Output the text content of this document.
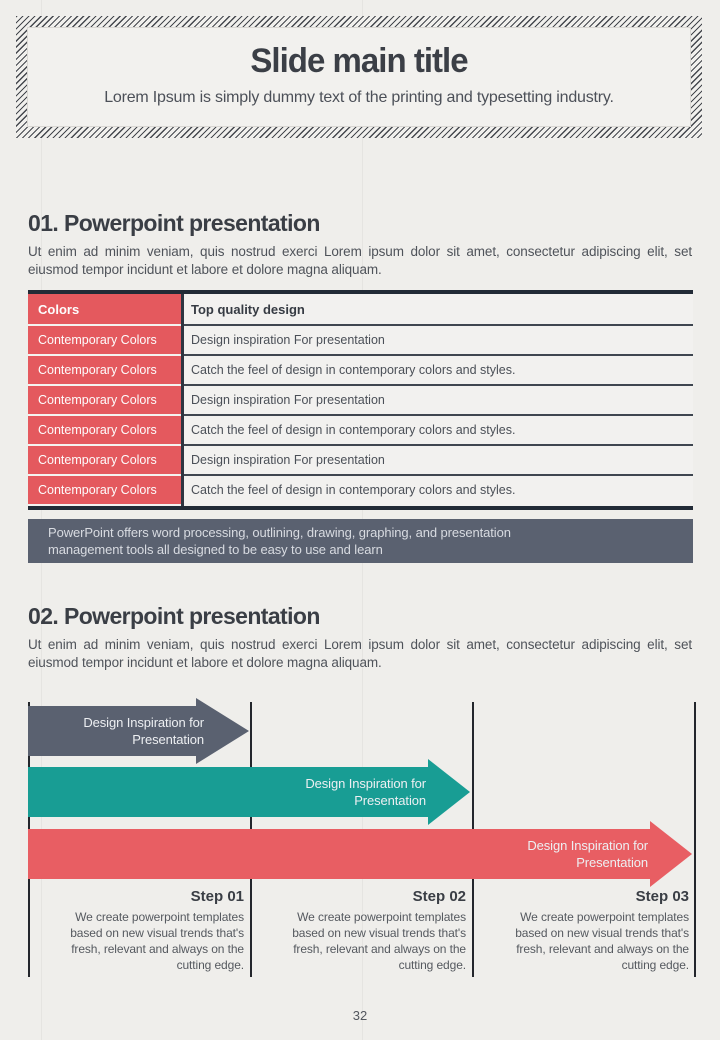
Slide main title
Lorem Ipsum is simply dummy text of the printing and typesetting industry.
01. Powerpoint presentation
Ut enim ad minim veniam, quis nostrud exerci Lorem ipsum dolor sit amet, consectetur adipiscing elit, set eiusmod tempor incidunt et labore et dolore magna aliquam.
Colors	Top quality design
Contemporary Colors	Design inspiration For presentation
Contemporary Colors	Catch the feel of design in contemporary colors and styles.
Contemporary Colors	Design inspiration For presentation
Contemporary Colors	Catch the feel of design in contemporary colors and styles.
Contemporary Colors	Design inspiration For presentation
Contemporary Colors	Catch the feel of design in contemporary colors and styles.
PowerPoint offers word processing, outlining, drawing, graphing, and presentation
management tools all designed to be easy to use and learn
02. Powerpoint presentation
Ut enim ad minim veniam, quis nostrud exerci Lorem ipsum dolor sit amet, consectetur adipiscing elit, set eiusmod tempor incidunt et labore et dolore magna aliquam.
Design Inspiration for
Presentation
Design Inspiration for
Presentation
Design Inspiration for
Presentation
Step 01
We create powerpoint templates based on new visual trends that's fresh, relevant and always on the cutting edge.
Step 02
We create powerpoint templates based on new visual trends that's fresh, relevant and always on the cutting edge.
Step 03
We create powerpoint templates based on new visual trends that's fresh, relevant and always on the cutting edge.
32
